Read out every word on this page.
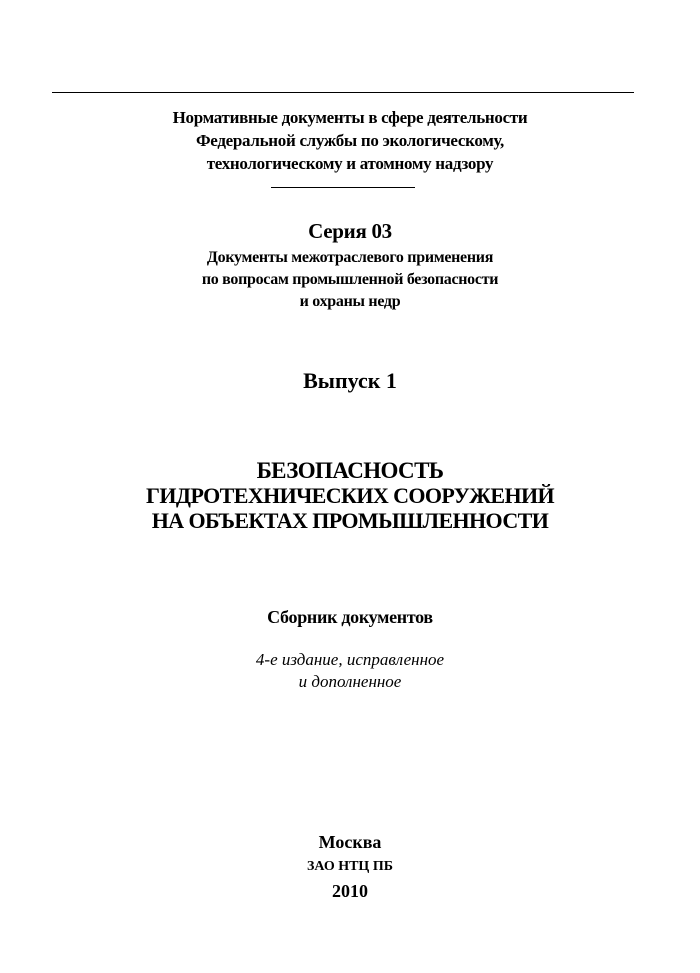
Нормативные документы в сфере деятельности
Федеральной службы по экологическому,
технологическому и атомному надзору
Серия 03
Документы межотраслевого применения
по вопросам промышленной безопасности
и охраны недр
Выпуск 1
БЕЗОПАСНОСТЬ
ГИДРОТЕХНИЧЕСКИХ СООРУЖЕНИЙ
НА ОБЪЕКТАХ ПРОМЫШЛЕННОСТИ
Сборник документов
4-е издание, исправленное
и дополненное
Москва
ЗАО НТЦ ПБ
2010
